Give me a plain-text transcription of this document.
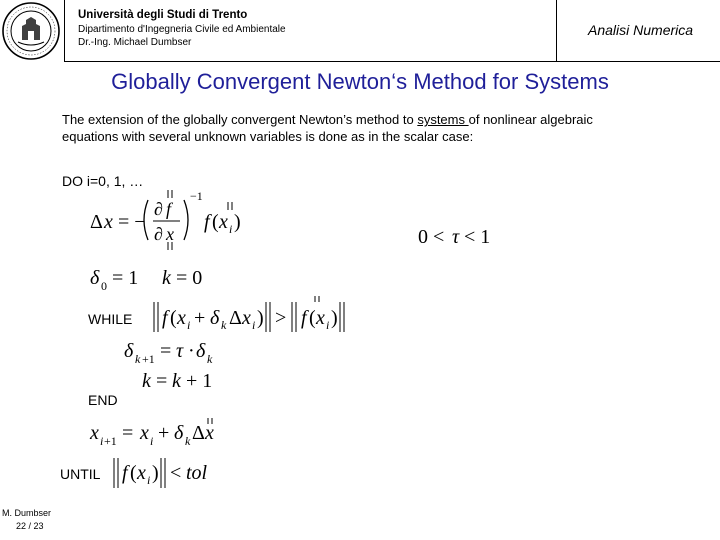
Università degli Studi di Trento
Dipartimento d'Ingegneria Civile ed Ambientale
Dr.-Ing. Michael Dumbser
Analisi Numerica
Globally Convergent Newton‘s Method for Systems
The extension of the globally convergent Newton’s method to systems of nonlinear algebraic
equations with several unknown variables is done as in the scalar case:
DO i=0, 1, …
WHILE
END
UNTIL
Δ x = −
∂ f
∂ x
−1
f ( x i )
0 < τ < 1
δ 0 = 1 k = 0
f ( x i + δ k Δ x i ) > f ( x i )
δ k +1 = τ · δ k
k = k + 1
x i +1 = x i + δ k Δ x
f ( x i ) < tol
M. Dumbser
22 / 23
